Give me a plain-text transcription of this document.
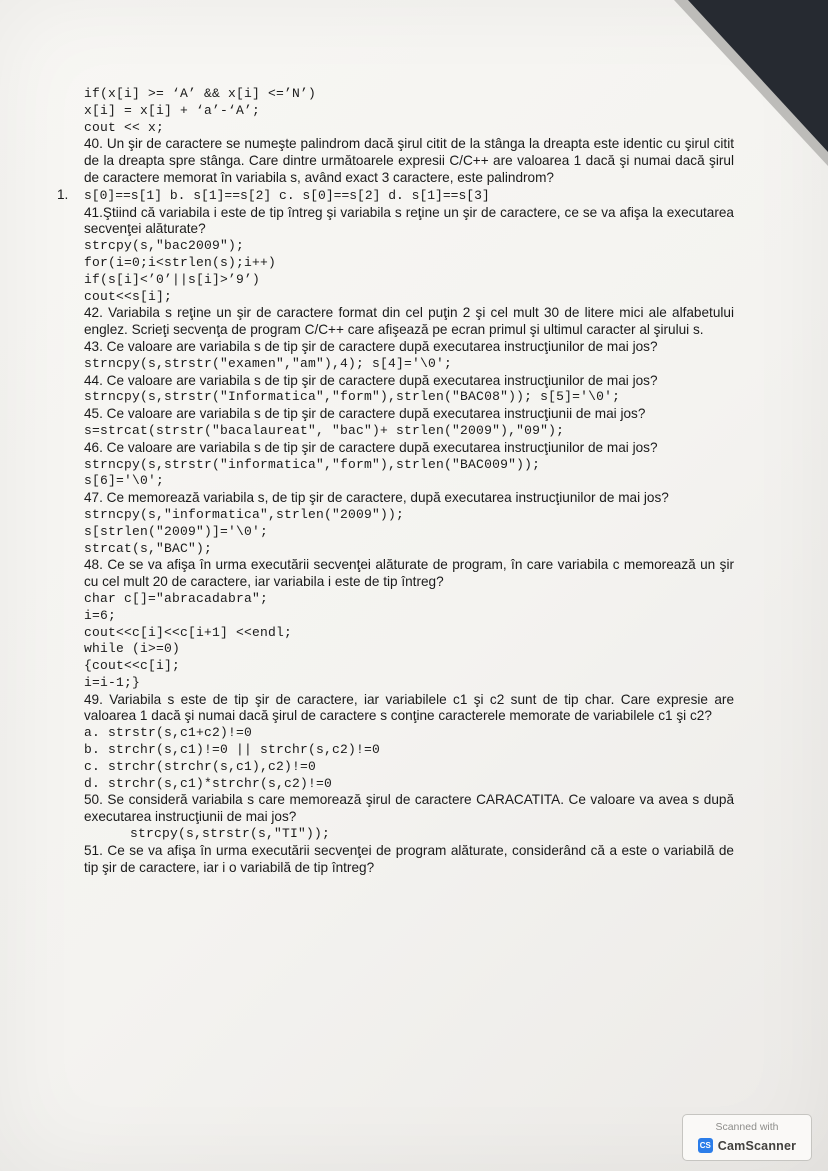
if(x[i] >= ‘A’ && x[i] <=’N’)
x[i] = x[i] + ‘a’-‘A’;
cout << x;
40. Un şir de caractere se numeşte palindrom dacă şirul citit de la stânga la dreapta este identic cu şirul citit de la dreapta spre stânga. Care dintre următoarele expresii C/C++ are valoarea 1 dacă şi numai dacă şirul de caractere memorat în variabila s, având exact 3 caractere, este palindrom?
1. s[0]==s[1] b. s[1]==s[2] c. s[0]==s[2] d. s[1]==s[3]
41.Ştiind că variabila i este de tip întreg şi variabila s reţine un şir de caractere, ce se va afişa la executarea secvenţei alăturate?
strcpy(s,"bac2009");
for(i=0;i<strlen(s);i++)
if(s[i]<’0’||s[i]>’9’)
cout<<s[i];
42. Variabila s reţine un şir de caractere format din cel puţin 2 şi cel mult 30 de litere mici ale alfabetului englez. Scrieţi secvenţa de program C/C++ care afişează pe ecran primul şi ultimul caracter al şirului s.
43. Ce valoare are variabila s de tip şir de caractere după executarea instrucţiunilor de mai jos?
strncpy(s,strstr("examen","am"),4); s[4]='\0';
44. Ce valoare are variabila s de tip şir de caractere după executarea instrucţiunilor de mai jos?
strncpy(s,strstr("Informatica","form"),strlen("BAC08")); s[5]='\0';
45. Ce valoare are variabila s de tip şir de caractere după executarea instrucţiunii de mai jos?
s=strcat(strstr("bacalaureat", "bac")+ strlen("2009"),"09");
46. Ce valoare are variabila s de tip şir de caractere după executarea instrucţiunilor de mai jos?
strncpy(s,strstr("informatica","form"),strlen("BAC009"));
s[6]='\0';
47. Ce memorează variabila s, de tip şir de caractere, după executarea instrucţiunilor de mai jos?
strncpy(s,"informatica",strlen("2009"));
s[strlen("2009")]='\0';
strcat(s,"BAC");
48. Ce se va afişa în urma executării secvenţei alăturate de program, în care variabila c memorează un şir cu cel mult 20 de caractere, iar variabila i este de tip întreg?
char c[]="abracadabra";
i=6;
cout<<c[i]<<c[i+1] <<endl;
while (i>=0)
{cout<<c[i];
i=i-1;}
49. Variabila s este de tip şir de caractere, iar variabilele c1 şi c2 sunt de tip char. Care expresie are valoarea 1 dacă şi numai dacă şirul de caractere s conţine caracterele memorate de variabilele c1 şi c2?
a. strstr(s,c1+c2)!=0
b. strchr(s,c1)!=0 || strchr(s,c2)!=0
c. strchr(strchr(s,c1),c2)!=0
d. strchr(s,c1)*strchr(s,c2)!=0
50. Se consideră variabila s care memorează şirul de caractere CARACATITA. Ce valoare va avea s după executarea instrucţiunii de mai jos?
strcpy(s,strstr(s,"TI"));
51. Ce se va afişa în urma executării secvenţei de program alăturate, considerând că a este o variabilă de tip şir de caractere, iar i o variabilă de tip întreg?
Scanned with
CS CamScanner
